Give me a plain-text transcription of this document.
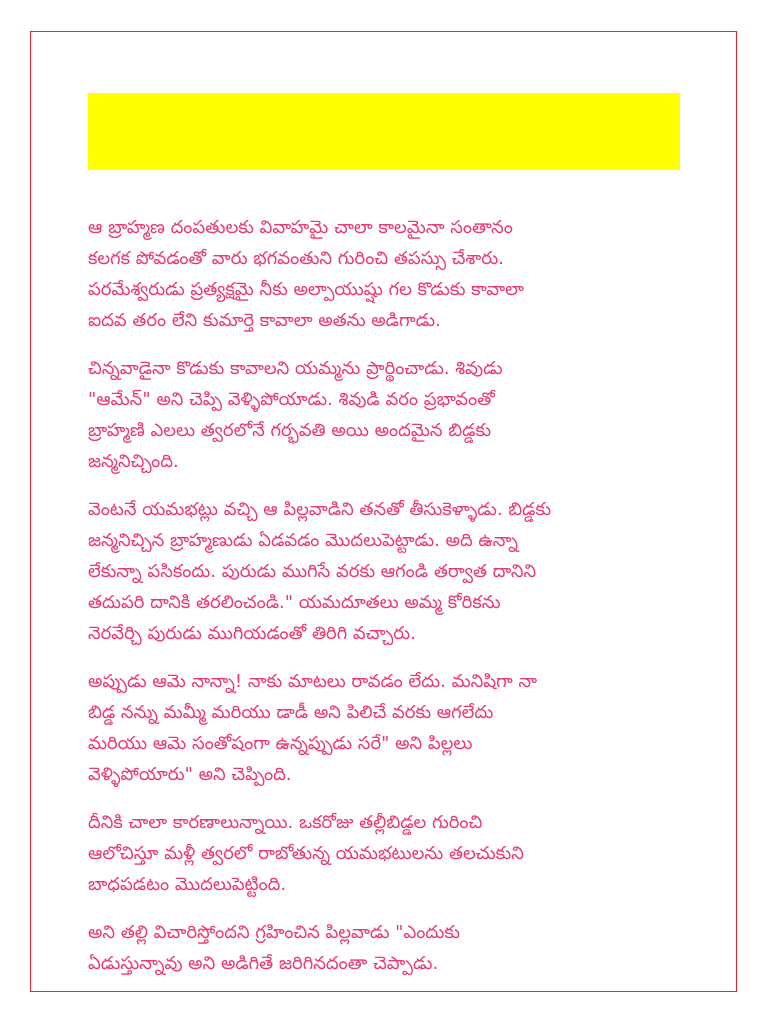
ఆ బ్రాహ్మణ దంపతులకు వివాహమై చాలా కాలమైనా సంతానం
కలగక పోవడంతో వారు భగవంతుని గురించి తపస్సు చేశారు.
పరమేశ్వరుడు ప్రత్యక్షమై నీకు అల్పాయుష్షు గల కొడుకు కావాలా
ఐదవ తరం లేని కుమార్తె కావాలా అతను అడిగాడు.

చిన్నవాడైనా కొడుకు కావాలని యమ్మను ప్రార్థించాడు. శివుడు
"ఆమేన్" అని చెప్పి వెళ్ళిపోయాడు. శివుడి వరం ప్రభావంతో
బ్రాహ్మణి ఎలలు త్వరలోనే గర్భవతి అయి అందమైన బిడ్డకు
జన్మనిచ్చింది.

వెంటనే యమభట్లు వచ్చి ఆ పిల్లవాడిని తనతో తీసుకెళ్ళాడు. బిడ్డకు
జన్మనిచ్చిన బ్రాహ్మణుడు ఏడవడం మొదలుపెట్టాడు. అది ఉన్నా
లేకున్నా పసికందు. పురుడు ముగిసే వరకు ఆగండి తర్వాత దానిని
తదుపరి దానికి తరలించండి." యమదూతలు అమ్మ కోరికను
నెరవేర్చి పురుడు ముగియడంతో తిరిగి వచ్చారు.

అప్పుడు ఆమె నాన్నా! నాకు మాటలు రావడం లేదు. మనిషిగా నా
బిడ్డ నన్ను మమ్మీ మరియు డాడీ అని పిలిచే వరకు ఆగలేదు
మరియు ఆమె సంతోషంగా ఉన్నప్పుడు సరే" అని పిల్లలు
వెళ్ళిపోయారు" అని చెప్పింది.

దీనికి చాలా కారణాలున్నాయి. ఒకరోజు తల్లీబిడ్డల గురించి
ఆలోచిస్తూ మళ్లీ త్వరలో రాబోతున్న యమభటులను తలచుకుని
బాధపడటం మొదలుపెట్టింది.

అని తల్లి విచారిస్తోందని గ్రహించిన పిల్లవాడు "ఎందుకు
ఏడుస్తున్నావు అని అడిగితే జరిగినదంతా చెప్పాడు.
